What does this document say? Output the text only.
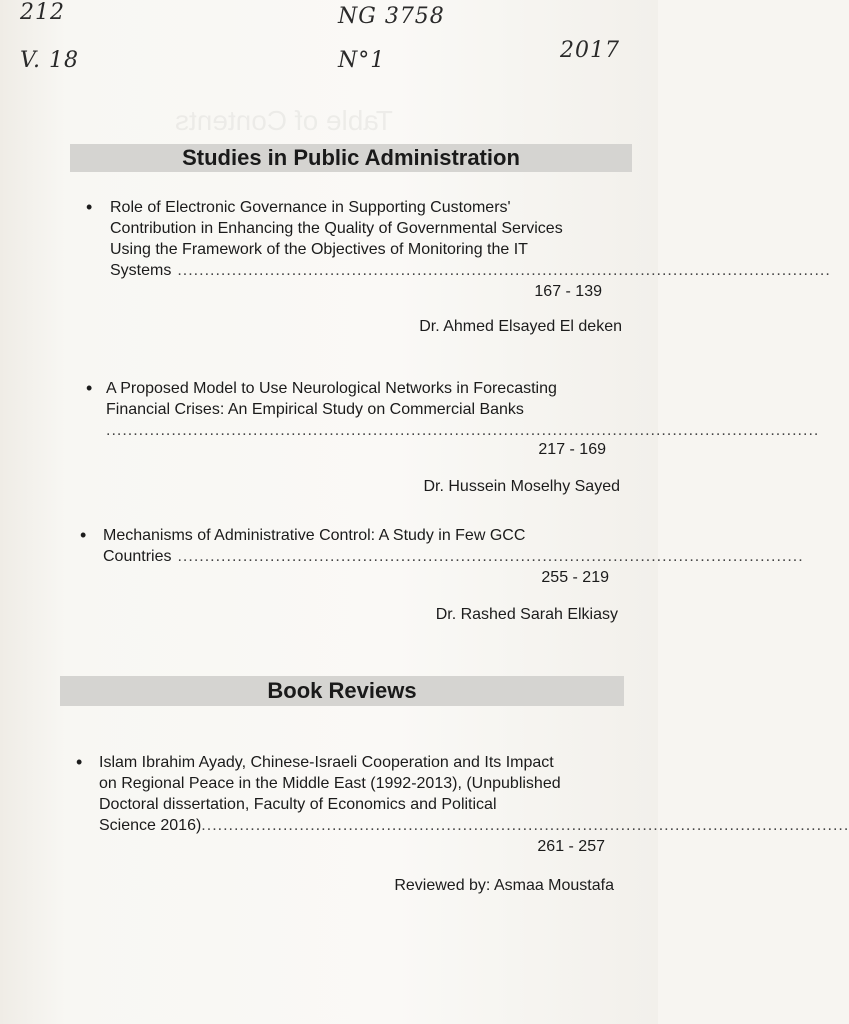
Table of Contents
212
V. 18
NG 3758
N°1	2017
Studies in Public Administration
• Role of Electronic Governance in Supporting Customers'
Contribution in Enhancing the Quality of Governmental Services
Using the Framework of the Objectives of Monitoring the IT
Systems ........................................................................................................................
167 - 139
Dr. Ahmed Elsayed El deken
• A Proposed Model to Use Neurological Networks in Forecasting
Financial Crises: An Empirical Study on Commercial Banks
...................................................................................................................................
217 - 169
Dr. Hussein Moselhy Sayed
• Mechanisms of Administrative Control: A Study in Few GCC
Countries ...................................................................................................................
255 - 219
Dr. Rashed Sarah Elkiasy
Book Reviews
• Islam Ibrahim Ayady, Chinese-Israeli Cooperation and Its Impact
on Regional Peace in the Middle East (1992-2013), (Unpublished
Doctoral dissertation, Faculty of Economics and Political
Science 2016) .......................................................................................................................
261 - 257
Reviewed by: Asmaa Moustafa
